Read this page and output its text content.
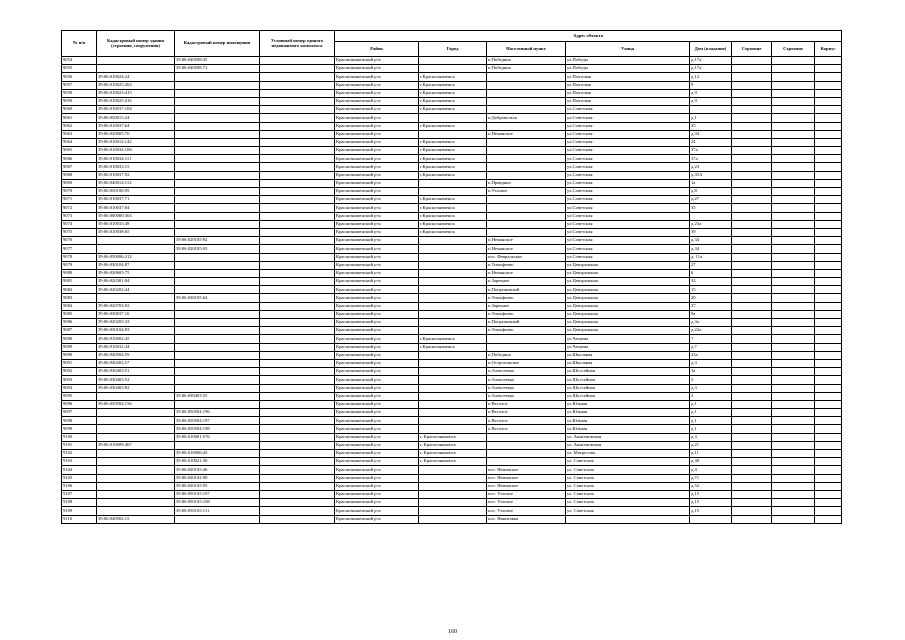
№ п/п	Кадастровый номер здания (строения, сооружения)	Кадастровый номер помещения	Условный номер единого недвижимого комплекса	Адрес объекта							
				Район	Город	Населенный пункт	Улица	Дом (владение)	Строение	Строение	Корпус
9054		39:06:040508:45		Краснознаменский р-н		п.Победино	ул.Победы	д.17а			
9055		39:06:040508:72		Краснознаменский р-н		п.Победино	ул.Победы	д.17а			
9056	39:06:010024:24			Краснознаменский р-н	г.Краснознаменск		ул.Почтовая	д.12			
9057	39:06:010025:263			Краснознаменский р-н	г.Краснознаменск		ул.Почтовая	9			
9058	39:06:010023:415			Краснознаменский р-н	г.Краснознаменск		ул.Почтовая	д.9			
9059	39:06:010025:416			Краснознаменский р-н	г.Краснознаменск		ул.Почтовая	д.9			
9060	39:06:010037:104			Краснознаменский р-н	г.Краснознаменск		ул.Советская				
9061	39:06:050013:24			Краснознаменский р-н		п.Добровольск	ул.Советская	д.1			
9062	39:06:010037:64			Краснознаменский р-н	г.Краснознаменск		ул.Советская	35			
9063	39:06:020005:70			Краснознаменский р-н		п.Неманское	ул.Советская	д.34			
9064	39:06:010012:142			Краснознаменский р-н	г.Краснознаменск		ул.Советская	24			
9065	39:06:010034:106			Краснознаменский р-н	г.Краснознаменск		ул.Советская	37а			
9066	39:06:010034:111			Краснознаменский р-н	г.Краснознаменск		ул.Советская	37а			
9067	39:06:010033:15			Краснознаменский р-н	г.Краснознаменск		ул.Советская	д.23			
9068	39:06:010037:92			Краснознаменский р-н	г.Краснознаменск		ул.Советская	д.35А			
9069	39:06:040014:112			Краснознаменский р-н		п.Правдино	ул.Советская	1а			
9070	39:06:050106:95			Краснознаменский р-н		п.Узловое	ул.Советская	д.8			
9071	39:06:010037:71			Краснознаменский р-н	г.Краснознаменск		ул.Советская	д.27			
9072	39:06:010037:84			Краснознаменский р-н	г.Краснознаменск		ул.Советская	35			
9073	39:06:000000:363			Краснознаменский р-н	г.Краснознаменск		ул.Советская				
9074	39:06:010033:48			Краснознаменский р-н	г.Краснознаменск		ул.Советская	д.23а			
9075	39:06:010038:65			Краснознаменский р-н	г.Краснознаменск		ул.Советская	39			
9076		39:06:020105:92		Краснознаменский р-н		п.Неманское	ул.Советская	д.34			
9077		39:06:020105:93		Краснознаменский р-н		п.Неманское	ул.Советская	д.34			
9078	39:06:050006:212			Краснознаменский р-н		пос. Февральское	ул.Советская	д. 11а			
9079	39:06:030104:87			Краснознаменский р-н		п.Тимофеево	ул.Центральная	27			
9080	39:06:020605:75			Краснознаменский р-н		п.Неманское	ул.Центральная	6			
9081	39:06:020301:94			Краснознаменский р-н		п.Заречное	ул.Центральная	33			
9082	39:06:020202:44			Краснознаменский р-н		п.Погранычный	ул.Центральная	15			
9083		39:06:030105:64		Краснознаменский р-н		п.Тимофеево	ул.Центральная	20			
9084	39:06:020703:92			Краснознаменский р-н		п.Заречное	ул.Центральная	37			
9085	39:06:030037:16			Краснознаменский р-н		п.Тимофеево	ул.Центральная	9а			
9086	39:06:020203:33			Краснознаменский р-н		п.Погранычный	ул.Центральная	д.3а			
9087	39:06:030104:83			Краснознаменский р-н		п.Тимофеево	ул.Центральная	д.22а			
9088	39:06:010002:45			Краснознаменский р-н	г.Краснознаменск		ул.Чапаева	7			
9089	39:06:010032:44			Краснознаменский р-н	г.Краснознаменск		ул.Чапаева	д.7			
9090	39:06:040504:59			Краснознаменский р-н		п.Победино	ул.Школьная	23а			
9091	39:06:040202:57			Краснознаменский р-н		п.Острогожское	ул.Школьная	д.3			
9092	39:06:030403:51			Краснознаменский р-н		п.Алексеевка	ул.Шоссейная	3а			
9093	39:06:030403:52			Краснознаменский р-н		п.Алексеевка	ул.Шоссейная	3			
9094	39:06:030403:82			Краснознаменский р-н		п.Алексеевка	ул.Шоссейная	д.3			
9095		39:06:030403:55		Краснознаменский р-н		п.Алексеевка	ул.Шоссейная	3			
9096	39:06:050504:156			Краснознаменский р-н		п.Веселое	ул.Южная	д.1			
9097		39:06:050504:196		Краснознаменский р-н		п.Веселое	ул.Южная	д.1			
9098		39:06:050504:197		Краснознаменский р-н		п.Веселое	ул.Южная	д.1			
9099		39:06:050504:198		Краснознаменский р-н		п.Веселое	ул.Южная	д.1			
9100		39:06:010001:576		Краснознаменский р-н	г. Краснознаменск		ул. Аннтеновская	д.3			
9101	39:06:010009:467			Краснознаменский р-н	г. Краснознаменск		ул. Аннтеновская	д.21			
9102		39:06:010006:45		Краснознаменский р-н	г. Краснознаменск		ул. Матросова	д.11			
9103		39:06:010021:30		Краснознаменский р-н	г. Краснознаменск		ул. Советская	д.38			
9104		39:06:020105:46		Краснознаменский р-н		пос. Неманское	ул. Советская	д.4			
9105		39:06:020102:90		Краснознаменский р-н		пос. Неманское	ул. Советская	д.71			
9106		39:06:020105:95		Краснознаменский р-н		пос. Неманское	ул. Советская	д.52			
9107		39:06:050105:107		Краснознаменский р-н		пос. Узловое	ул. Советская	д.15			
9108		39:06:050105:108		Краснознаменский р-н		пос. Узловое	ул. Советская	д.15			
9109		39:06:050105:111		Краснознаменский р-н		пос. Узловое	ул. Советская	д.15			
9110	39:06:040902:15			Краснознаменский р-н		пос. Никитовка					
160
